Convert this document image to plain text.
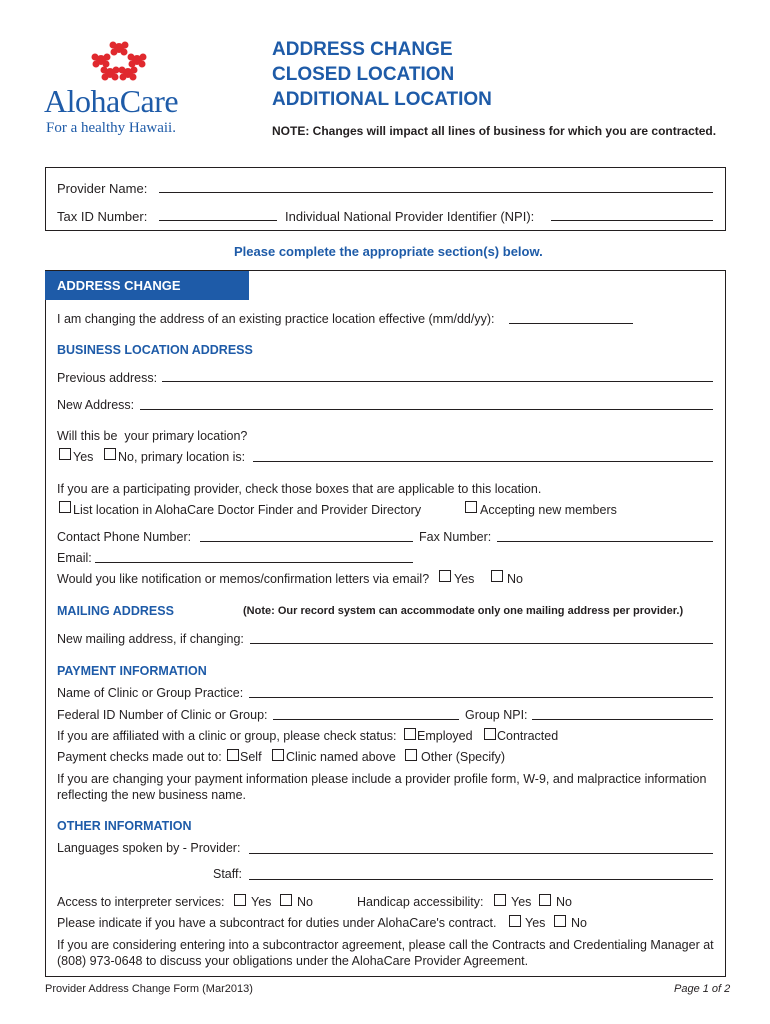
AlohaCare
For a healthy Hawaii.
ADDRESS CHANGE
CLOSED LOCATION
ADDITIONAL LOCATION
NOTE: Changes will impact all lines of business for which you are contracted.
Provider Name:
Tax ID Number:	Individual National Provider Identifier (NPI):
Please complete the appropriate section(s) below.
ADDRESS CHANGE
I am changing the address of an existing practice location effective (mm/dd/yy):
BUSINESS LOCATION ADDRESS
Previous address:
New Address:
Will this be  your primary location?
Yes No, primary location is:
If you are a participating provider, check those boxes that are applicable to this location.
List location in AlohaCare Doctor Finder and Provider Directory	Accepting new members
Contact Phone Number:	Fax Number:
Email:
Would you like notification or memos/confirmation letters via email? Yes	No
MAILING ADDRESS	(Note: Our record system can accommodate only one mailing address per provider.)
New mailing address, if changing:
PAYMENT INFORMATION
Name of Clinic or Group Practice:
Federal ID Number of Clinic or Group:	Group NPI:
If you are affiliated with a clinic or group, please check status: Employed Contracted
Payment checks made out to: Self Clinic named above Other (Specify)
If you are changing your payment information please include a provider profile form, W-9, and malpractice information reflecting the new business name.
OTHER INFORMATION
Languages spoken by - Provider:
Staff:
Access to interpreter services: Yes No	Handicap accessibility: Yes No
Please indicate if you have a subcontract for duties under AlohaCare's contract. Yes No
If you are considering entering into a subcontractor agreement, please call the Contracts and Credentialing Manager at (808) 973-0648 to discuss your obligations under the AlohaCare Provider Agreement.
Provider Address Change Form (Mar2013)	Page 1 of 2
